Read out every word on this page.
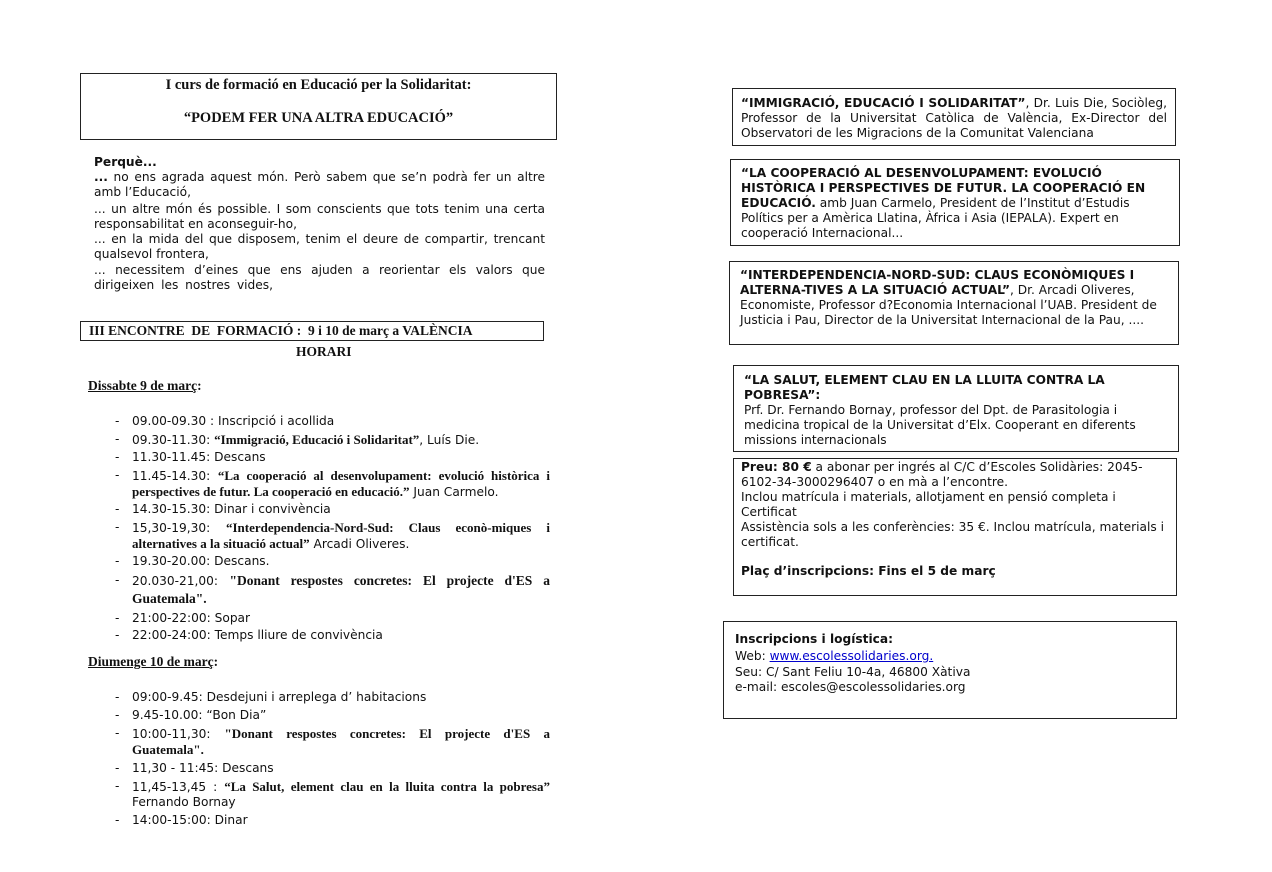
I curs de formació en Educació per la Solidaritat:
“PODEM FER UNA ALTRA EDUCACIÓ”
Perquè...
... no ens agrada aquest món. Però sabem que se’n podrà fer un altre amb l’Educació,
... un altre món és possible. I som conscients que tots tenim una certa responsabilitat en aconseguir-ho,
... en la mida del que disposem, tenim el deure de compartir, trencant qualsevol frontera,
... necessitem d’eines que ens ajuden a reorientar els valors que dirigeixen les nostres vides,
III ENCONTRE  DE  FORMACIÓ :  9 i 10 de març a VALÈNCIA
HORARI
Dissabte 9 de març:
- 09.00-09.30 : Inscripció i acollida
- 09.30-11.30: “Immigració, Educació i Solidaritat”, Luís Die.
- 11.30-11.45: Descans
- 11.45-14.30: “La cooperació al desenvolupament: evolució històrica i perspectives de futur. La cooperació en educació.” Juan Carmelo.
- 14.30-15.30: Dinar i convivència
- 15,30-19,30: “Interdependencia-Nord-Sud: Claus econò-miques i alternatives a la situació actual” Arcadi Oliveres.
- 19.30-20.00: Descans.
- 20.030-21,00: "Donant respostes concretes: El projecte d'ES a Guatemala".
- 21:00-22:00: Sopar
- 22:00-24:00: Temps lliure de convivència
Diumenge 10 de març:
- 09:00-9.45: Desdejuni i arreplega d’ habitacions
- 9.45-10.00: “Bon Dia”
- 10:00-11,30: "Donant respostes concretes: El projecte d'ES a Guatemala".
- 11,30 - 11:45: Descans
- 11,45-13,45 : “La Salut, element clau en la lluita contra la pobresa” Fernando Bornay
- 14:00-15:00: Dinar
“IMMIGRACIÓ, EDUCACIÓ I SOLIDARITAT”, Dr. Luis Die, Sociòleg, Professor de la Universitat Catòlica de València, Ex-Director del Observatori de les Migracions de la Comunitat Valenciana
“LA COOPERACIÓ AL DESENVOLUPAMENT: EVOLUCIÓ HISTÒRICA I PERSPECTIVES DE FUTUR. LA COOPERACIÓ EN EDUCACIÓ. amb Juan Carmelo, President de l’Institut d’Estudis Polítics per a Amèrica Llatina, Àfrica i Asia (IEPALA). Expert en cooperació Internacional...
“INTERDEPENDENCIA-NORD-SUD: CLAUS ECONÒMIQUES I ALTERNA-TIVES A LA SITUACIÓ ACTUAL”, Dr. Arcadi Oliveres, Economiste, Professor d?Economia Internacional l’UAB. President de Justicia i Pau, Director de la Universitat Internacional de la Pau, ....
“LA SALUT, ELEMENT CLAU EN LA LLUITA CONTRA LA POBRESA”:
Prf. Dr. Fernando Bornay, professor del Dpt. de Parasitologia i medicina tropical de la Universitat d’Elx. Cooperant en diferents missions internacionals
Preu: 80 € a abonar per ingrés al C/C d’Escoles Solidàries: 2045-6102-34-3000296407 o en mà a l’encontre.
Inclou matrícula i materials, allotjament en pensió completa i Certificat
Assistència sols a les conferències: 35 €. Inclou matrícula, materials i certificat.
Plaç d’inscripcions: Fins el 5 de març
Inscripcions i logística:
Web: www.escolessolidaries.org.
Seu: C/ Sant Feliu 10-4a, 46800 Xàtiva
e-mail: escoles@escolessolidaries.org
